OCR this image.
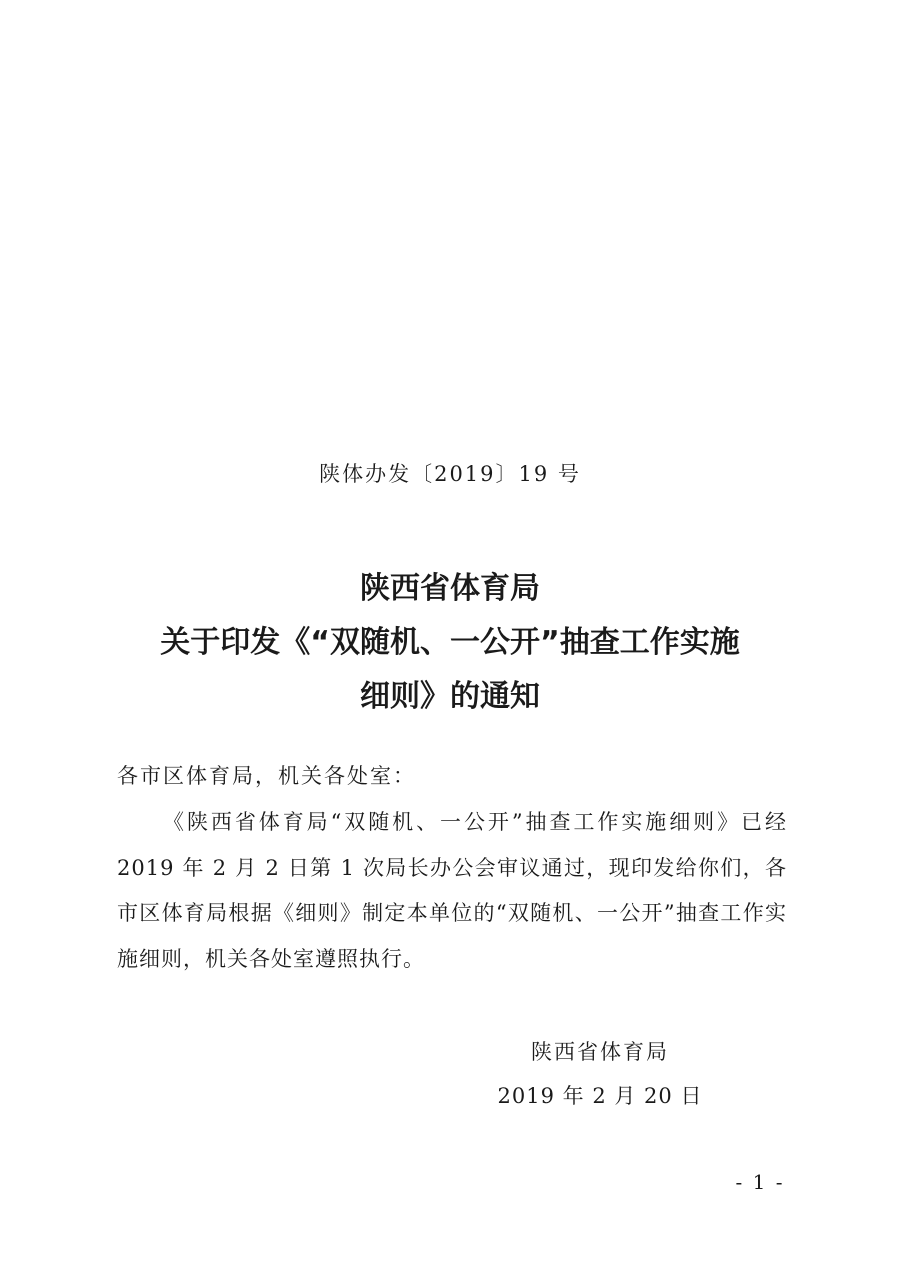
陕体办发〔2019〕19 号
陕西省体育局
关于印发《“双随机、一公开”抽查工作实施
细则》的通知
各市区体育局，机关各处室：
《陕西省体育局“双随机、一公开”抽查工作实施细则》已经 2019 年 2 月 2 日第 1 次局长办公会审议通过，现印发给你们，各市区体育局根据《细则》制定本单位的“双随机、一公开”抽查工作实施细则，机关各处室遵照执行。
陕西省体育局
2019 年 2 月 20 日
- 1 -
